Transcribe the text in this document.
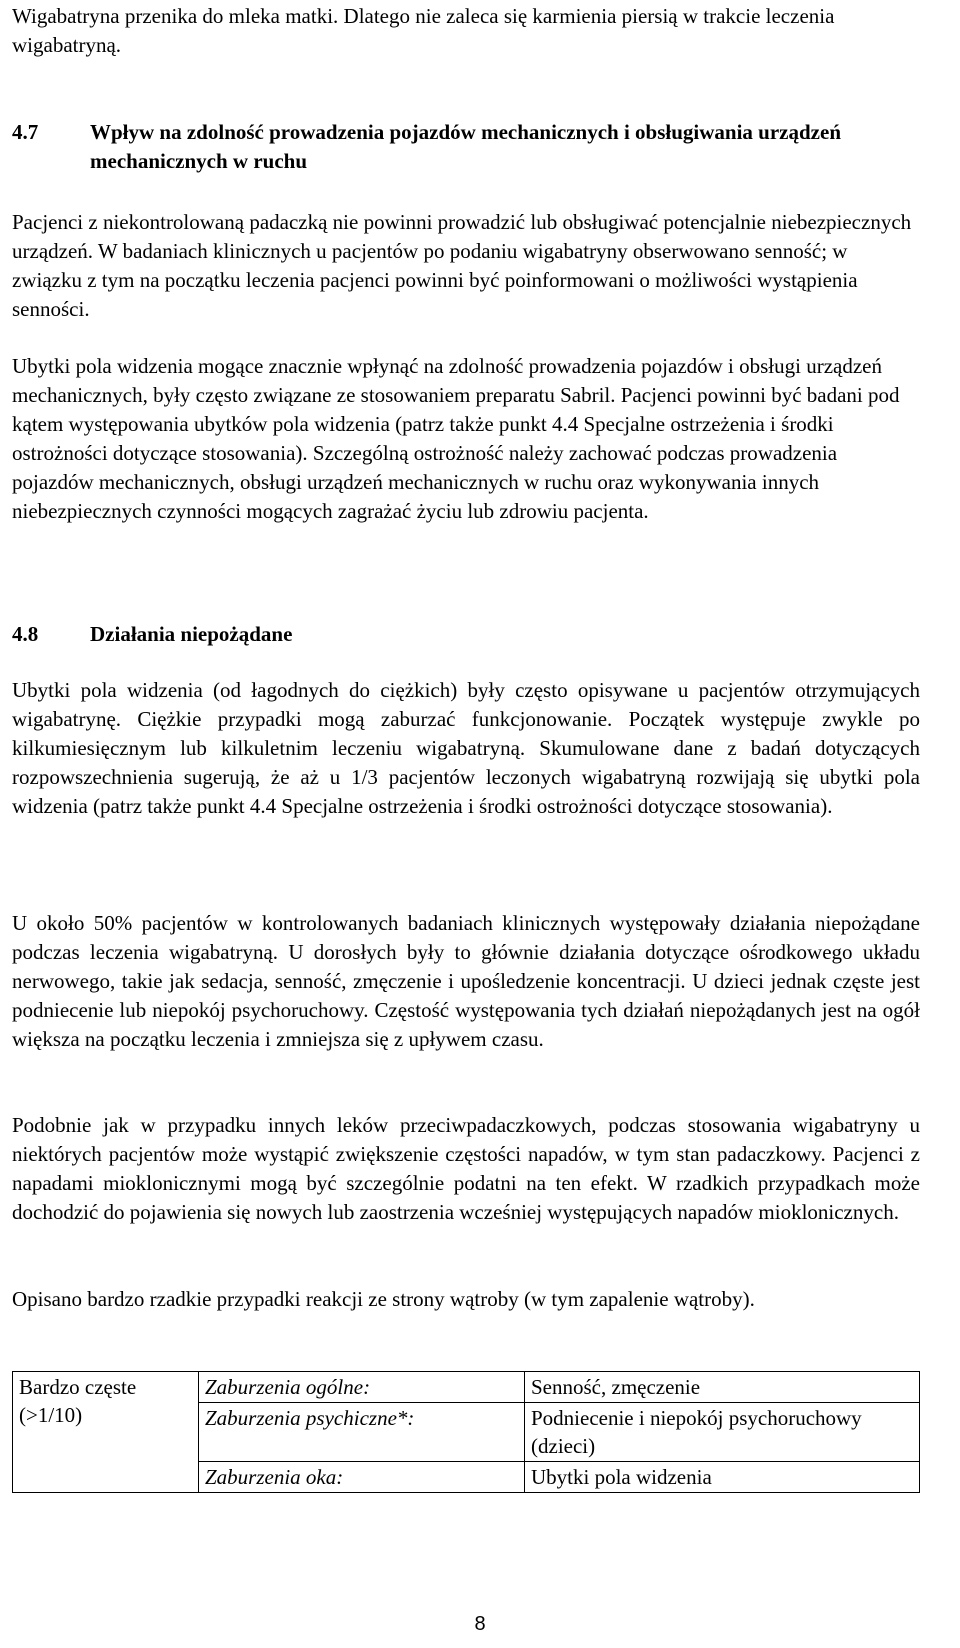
Wigabatryna przenika do mleka matki. Dlatego nie zaleca się karmienia piersią w trakcie leczenia wigabatryną.

4.7	Wpływ na zdolność prowadzenia pojazdów mechanicznych i obsługiwania urządzeń mechanicznych w ruchu

Pacjenci z niekontrolowaną padaczką nie powinni prowadzić lub obsługiwać potencjalnie niebezpiecznych urządzeń. W badaniach klinicznych u pacjentów po podaniu wigabatryny obserwowano senność; w związku z tym na początku leczenia pacjenci powinni być poinformowani o możliwości wystąpienia senności.

Ubytki pola widzenia mogące znacznie wpłynąć na zdolność prowadzenia pojazdów i obsługi urządzeń mechanicznych, były często związane ze stosowaniem preparatu Sabril. Pacjenci powinni być badani pod kątem występowania ubytków pola widzenia (patrz także punkt 4.4 Specjalne ostrzeżenia i środki ostrożności dotyczące stosowania). Szczególną ostrożność należy zachować podczas prowadzenia pojazdów mechanicznych, obsługi urządzeń mechanicznych w ruchu oraz wykonywania innych niebezpiecznych czynności mogących zagrażać życiu lub zdrowiu pacjenta.

4.8	Działania niepożądane

Ubytki pola widzenia (od łagodnych do ciężkich) były często opisywane u pacjentów otrzymujących wigabatrynę. Ciężkie przypadki mogą zaburzać funkcjonowanie. Początek występuje zwykle po kilkumiesięcznym lub kilkuletnim leczeniu wigabatryną. Skumulowane dane z badań dotyczących rozpowszechnienia sugerują, że aż u 1/3 pacjentów leczonych wigabatryną rozwijają się ubytki pola widzenia (patrz także punkt 4.4 Specjalne ostrzeżenia i środki ostrożności dotyczące stosowania).

U około 50% pacjentów w kontrolowanych badaniach klinicznych występowały działania niepożądane podczas leczenia wigabatryną. U dorosłych były to głównie działania dotyczące ośrodkowego układu nerwowego, takie jak sedacja, senność, zmęczenie i upośledzenie koncentracji. U dzieci jednak częste jest podniecenie lub niepokój psychoruchowy. Częstość występowania tych działań niepożądanych jest na ogół większa na początku leczenia i zmniejsza się z upływem czasu.

Podobnie jak w przypadku innych leków przeciwpadaczkowych, podczas stosowania wigabatryny u niektórych pacjentów może wystąpić zwiększenie częstości napadów, w tym stan padaczkowy. Pacjenci z napadami mioklonicznymi mogą być szczególnie podatni na ten efekt. W rzadkich przypadkach może dochodzić do pojawienia się nowych lub zaostrzenia wcześniej występujących napadów mioklonicznych.

Opisano bardzo rzadkie przypadki reakcji ze strony wątroby (w tym zapalenie wątroby).

Bardzo częste
(>1/10)	Zaburzenia ogólne:	Senność, zmęczenie
	Zaburzenia psychiczne*:	Podniecenie i niepokój psychoruchowy (dzieci)
	Zaburzenia oka:	Ubytki pola widzenia
8
